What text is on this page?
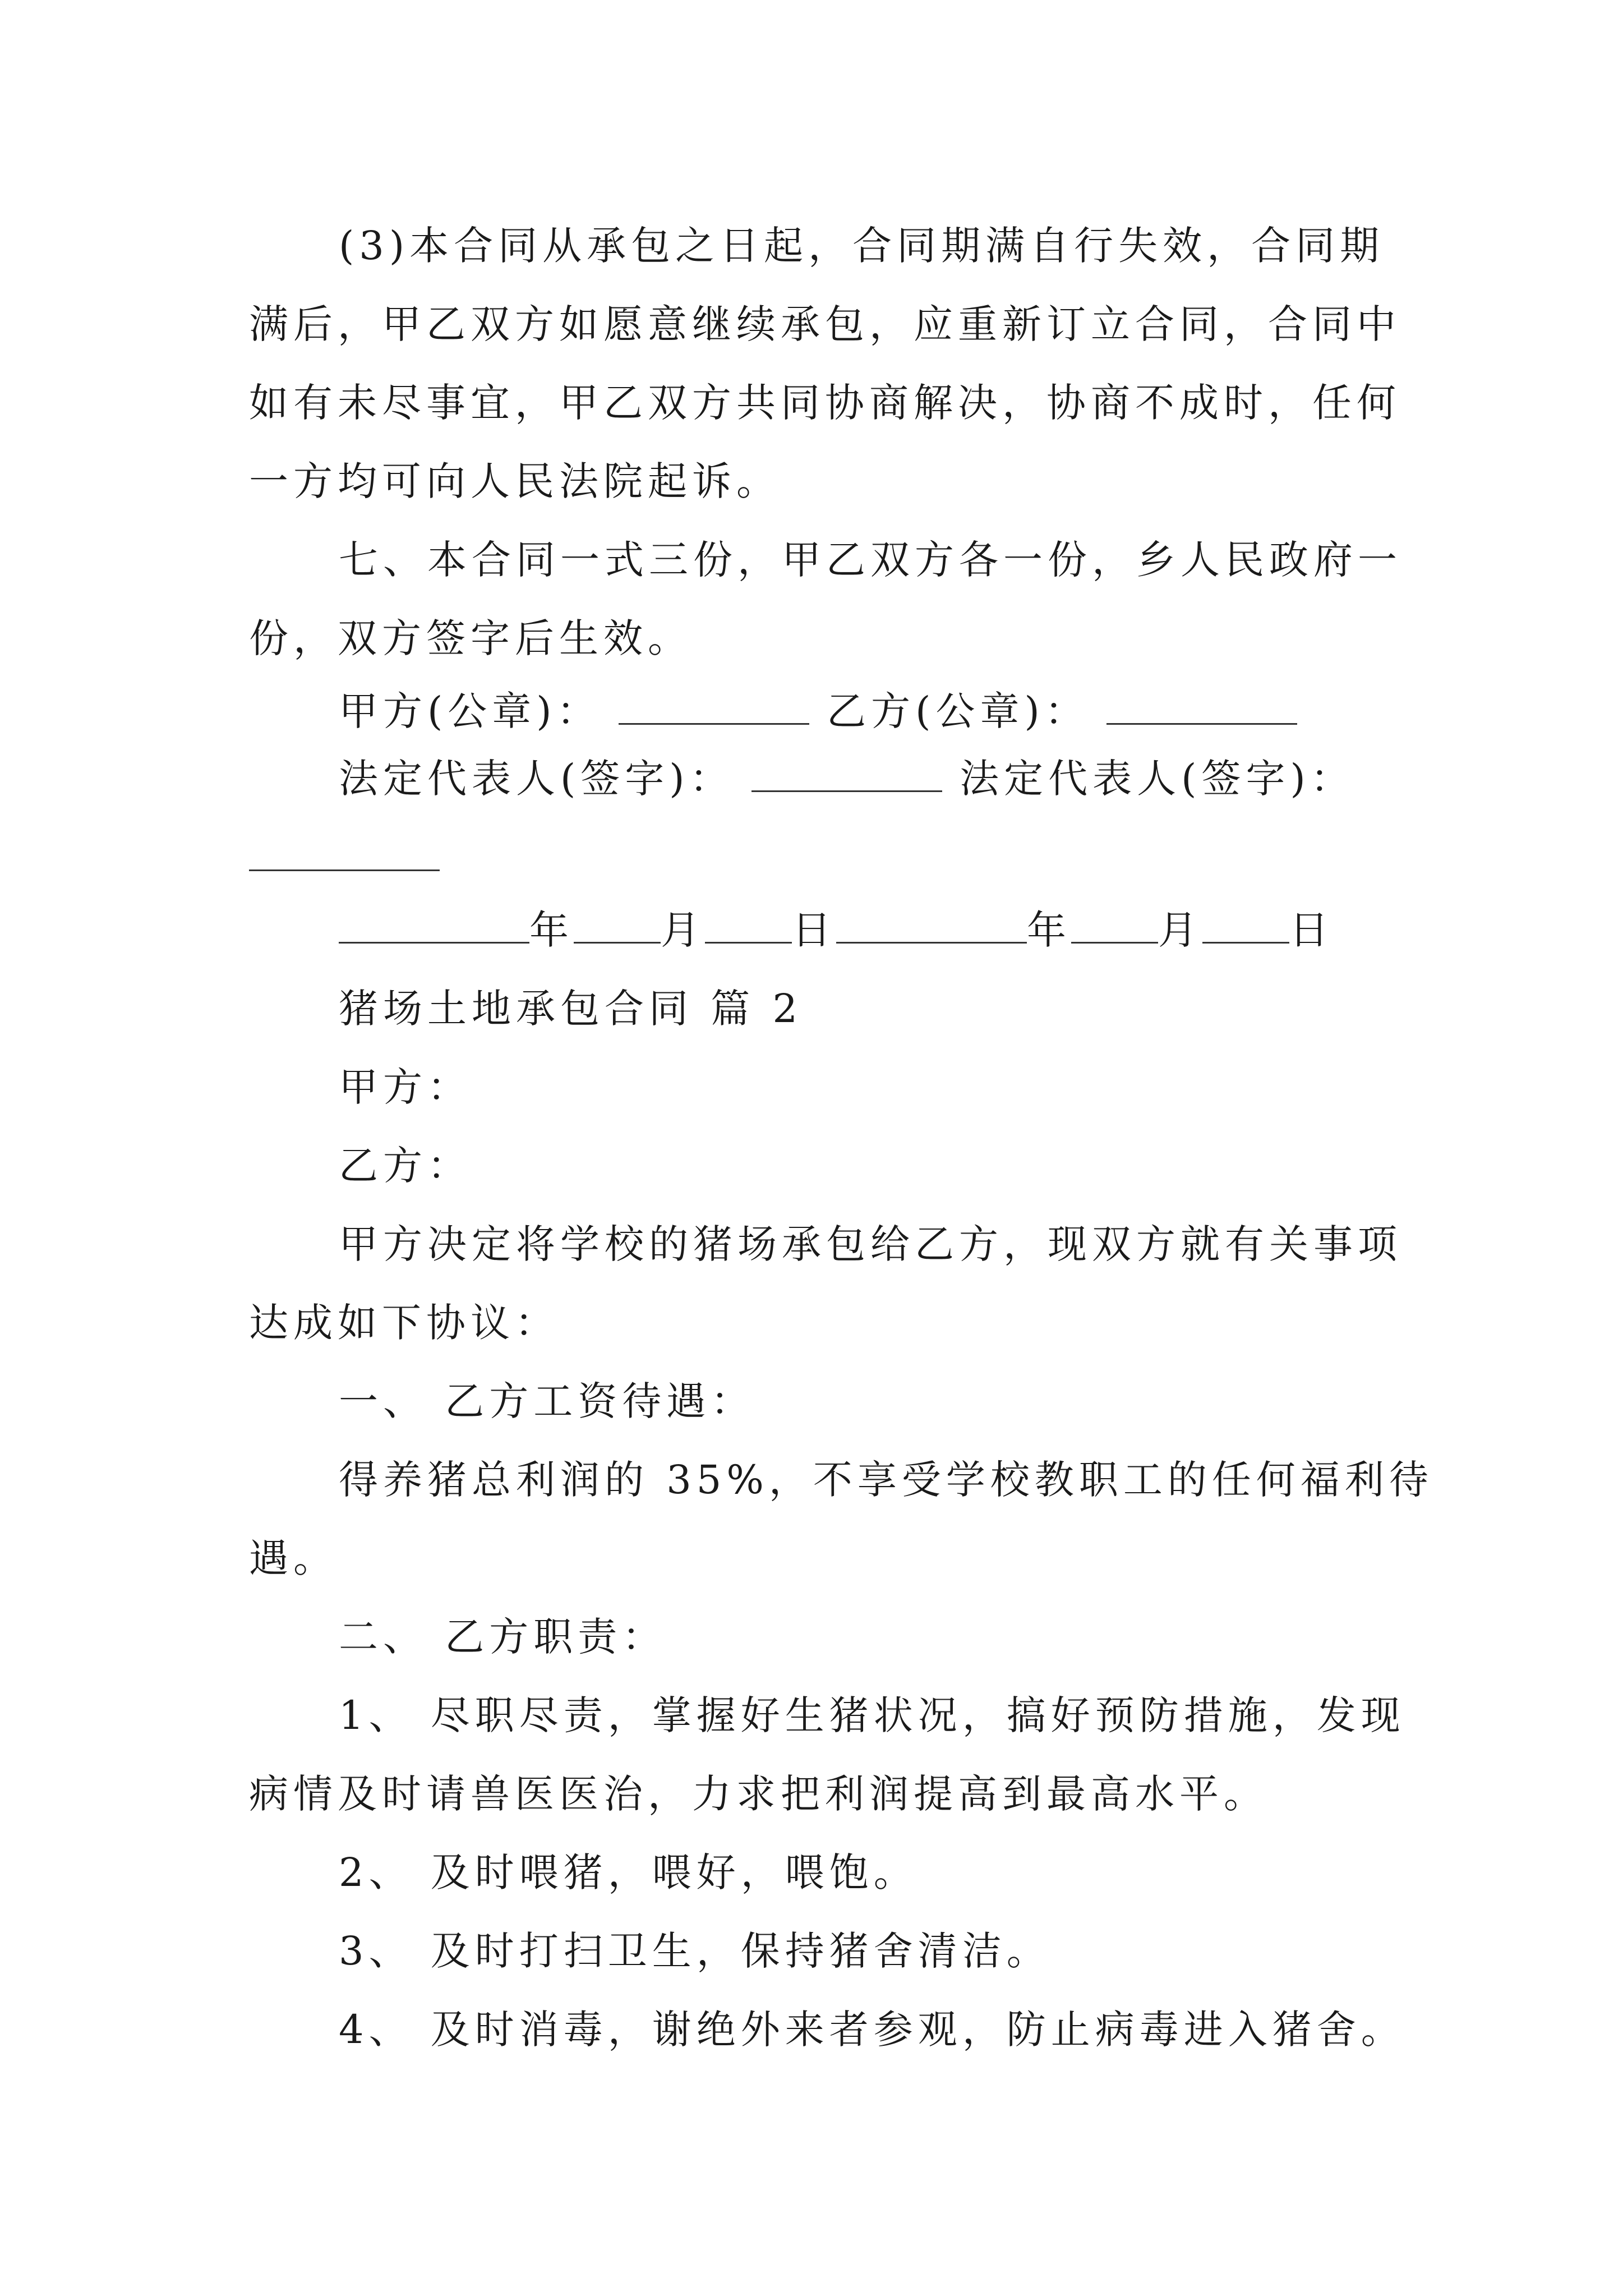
(3)本合同从承包之日起，合同期满自行失效，合同期
满后，甲乙双方如愿意继续承包，应重新订立合同，合同中
如有未尽事宜，甲乙双方共同协商解决，协商不成时，任何
一方均可向人民法院起诉。
七、本合同一式三份，甲乙双方各一份，乡人民政府一
份，双方签字后生效。
甲方(公章)：	乙方(公章)：
法定代表人(签字)：	法定代表人(签字)：
年 月 日	年 月 日
猪场土地承包合同 篇 2
甲方：
乙方：
甲方决定将学校的猪场承包给乙方，现双方就有关事项
达成如下协议：
一、 乙方工资待遇：
得养猪总利润的 35%，不享受学校教职工的任何福利待
遇。
二、 乙方职责：
1、 尽职尽责，掌握好生猪状况，搞好预防措施，发现
病情及时请兽医医治，力求把利润提高到最高水平。
2、 及时喂猪，喂好，喂饱。
3、 及时打扫卫生，保持猪舍清洁。
4、 及时消毒，谢绝外来者参观，防止病毒进入猪舍。
